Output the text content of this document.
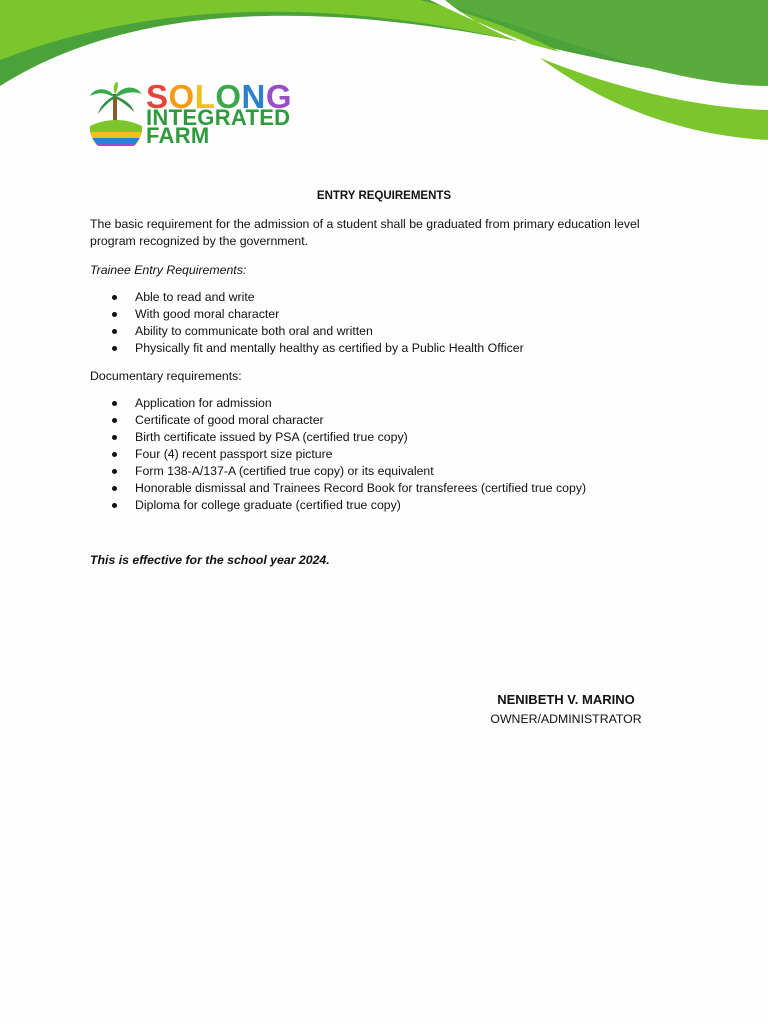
SOLONG
INTEGRATED
FARM
ENTRY REQUIREMENTS
The basic requirement for the admission of a student shall be graduated from primary education level program recognized by the government.
Trainee Entry Requirements:
Able to read and write
With good moral character
Ability to communicate both oral and written
Physically fit and mentally healthy as certified by a Public Health Officer
Documentary requirements:
Application for admission
Certificate of good moral character
Birth certificate issued by PSA (certified true copy)
Four (4) recent passport size picture
Form 138-A/137-A (certified true copy) or its equivalent
Honorable dismissal and Trainees Record Book for transferees (certified true copy)
Diploma for college graduate (certified true copy)
This is effective for the school year 2024.
NENIBETH V. MARINO
OWNER/ADMINISTRATOR
